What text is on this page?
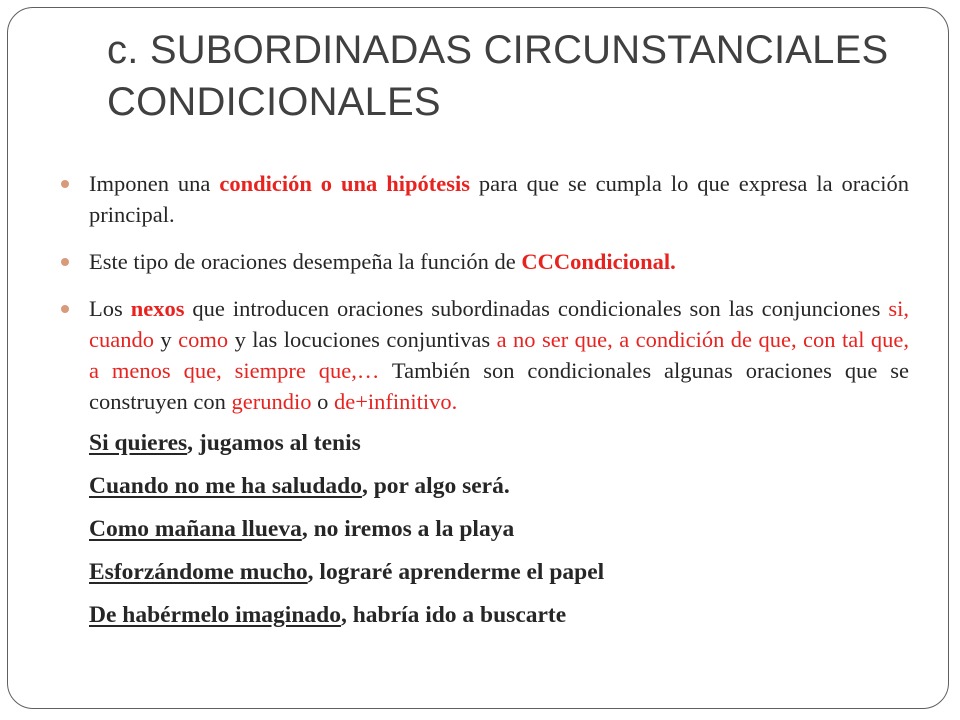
c. SUBORDINADAS CIRCUNSTANCIALES
CONDICIONALES
Imponen una condición o una hipótesis para que se cumpla lo que expresa la oración principal.
Este tipo de oraciones desempeña la función de CCCondicional.
Los nexos que introducen oraciones subordinadas condicionales son las conjunciones si, cuando y como y las locuciones conjuntivas a no ser que, a condición de que, con tal que, a menos que, siempre que,… También son condicionales algunas oraciones que se construyen con gerundio o de+infinitivo.
Si quieres, jugamos al tenis
Cuando no me ha saludado, por algo será.
Como mañana llueva, no iremos a la playa
Esforzándome mucho, lograré aprenderme el papel
De habérmelo imaginado, habría ido a buscarte
